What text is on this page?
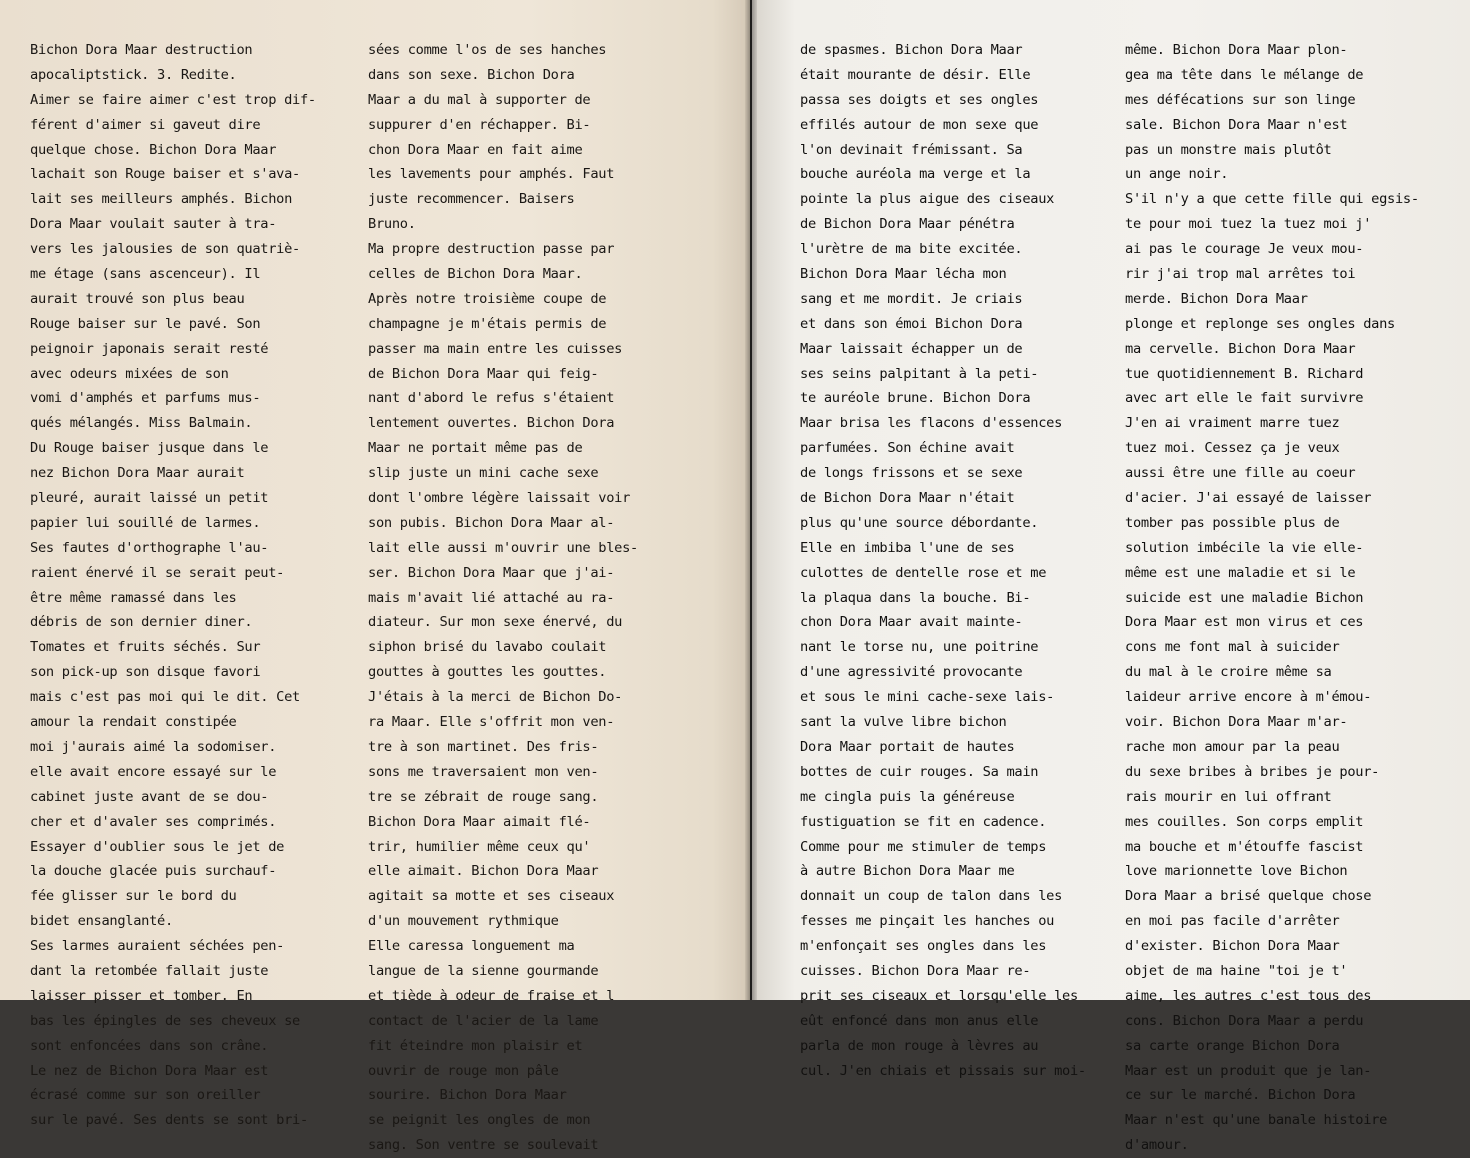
Bichon Dora Maar destruction
apocaliptstick. 3. Redite.
Aimer se faire aimer c'est trop dif-
férent d'aimer si gaveut dire
quelque chose. Bichon Dora Maar
lachait son Rouge baiser et s'ava-
lait ses meilleurs amphés. Bichon
Dora Maar voulait sauter à tra-
vers les jalousies de son quatriè-
me étage (sans ascenceur). Il
aurait trouvé son plus beau
Rouge baiser sur le pavé. Son
peignoir japonais serait resté
avec odeurs mixées de son
vomi d'amphés et parfums mus-
qués mélangés. Miss Balmain.
Du Rouge baiser jusque dans le
nez Bichon Dora Maar aurait
pleuré, aurait laissé un petit
papier lui souillé de larmes.
Ses fautes d'orthographe l'au-
raient énervé il se serait peut-
être même ramassé dans les
débris de son dernier diner.
Tomates et fruits séchés. Sur
son pick-up son disque favori
mais c'est pas moi qui le dit. Cet
amour la rendait constipée
moi j'aurais aimé la sodomiser.
elle avait encore essayé sur le
cabinet juste avant de se dou-
cher et d'avaler ses comprimés.
Essayer d'oublier sous le jet de
la douche glacée puis surchauf-
fée glisser sur le bord du
bidet ensanglanté.
Ses larmes auraient séchées pen-
dant la retombée fallait juste
laisser pisser et tomber. En
bas les épingles de ses cheveux se
sont enfoncées dans son crâne.
Le nez de Bichon Dora Maar est
écrasé comme sur son oreiller
sur le pavé. Ses dents se sont bri-
sées comme l'os de ses hanches
dans son sexe. Bichon Dora
Maar a du mal à supporter de
suppurer d'en réchapper. Bi-
chon Dora Maar en fait aime
les lavements pour amphés. Faut
juste recommencer. Baisers
Bruno.
Ma propre destruction passe par
celles de Bichon Dora Maar.
Après notre troisième coupe de
champagne je m'étais permis de
passer ma main entre les cuisses
de Bichon Dora Maar qui feig-
nant d'abord le refus s'étaient
lentement ouvertes. Bichon Dora
Maar ne portait même pas de
slip juste un mini cache sexe
dont l'ombre légère laissait voir
son pubis. Bichon Dora Maar al-
lait elle aussi m'ouvrir une bles-
ser. Bichon Dora Maar que j'ai-
mais m'avait lié attaché au ra-
diateur. Sur mon sexe énervé, du
siphon brisé du lavabo coulait
gouttes à gouttes les gouttes.
J'étais à la merci de Bichon Do-
ra Maar. Elle s'offrit mon ven-
tre à son martinet. Des fris-
sons me traversaient mon ven-
tre se zébrait de rouge sang.
Bichon Dora Maar aimait flé-
trir, humilier même ceux qu'
elle aimait. Bichon Dora Maar
agitait sa motte et ses ciseaux
d'un mouvement rythmique
Elle caressa longuement ma
langue de la sienne gourmande
et tiède à odeur de fraise et l
contact de l'acier de la lame
fit éteindre mon plaisir et
ouvrir de rouge mon pâle
sourire. Bichon Dora Maar
se peignit les ongles de mon
sang. Son ventre se soulevait
de spasmes. Bichon Dora Maar
était mourante de désir. Elle
passa ses doigts et ses ongles
effilés autour de mon sexe que
l'on devinait frémissant. Sa
bouche auréola ma verge et la
pointe la plus aigue des ciseaux
de Bichon Dora Maar pénétra
l'urètre de ma bite excitée.
Bichon Dora Maar lécha mon
sang et me mordit. Je criais
et dans son émoi Bichon Dora
Maar laissait échapper un de
ses seins palpitant à la peti-
te auréole brune. Bichon Dora
Maar brisa les flacons d'essences
parfumées. Son échine avait
de longs frissons et se sexe
de Bichon Dora Maar n'était
plus qu'une source débordante.
Elle en imbiba l'une de ses
culottes de dentelle rose et me
la plaqua dans la bouche. Bi-
chon Dora Maar avait mainte-
nant le torse nu, une poitrine
d'une agressivité provocante
et sous le mini cache-sexe lais-
sant la vulve libre bichon
Dora Maar portait de hautes
bottes de cuir rouges. Sa main
me cingla puis la généreuse
fustiguation se fit en cadence.
Comme pour me stimuler de temps
à autre Bichon Dora Maar me
donnait un coup de talon dans les
fesses me pinçait les hanches ou
m'enfonçait ses ongles dans les
cuisses. Bichon Dora Maar re-
prit ses ciseaux et lorsqu'elle les
eût enfoncé dans mon anus elle
parla de mon rouge à lèvres au
cul. J'en chiais et pissais sur moi-
même. Bichon Dora Maar plon-
gea ma tête dans le mélange de
mes défécations sur son linge
sale. Bichon Dora Maar n'est
pas un monstre mais plutôt
un ange noir.
S'il n'y a que cette fille qui egsis-
te pour moi tuez la tuez moi j'
ai pas le courage Je veux mou-
rir j'ai trop mal arrêtes toi
merde. Bichon Dora Maar
plonge et replonge ses ongles dans
ma cervelle. Bichon Dora Maar
tue quotidiennement B. Richard
avec art elle le fait survivre
J'en ai vraiment marre tuez
tuez moi. Cessez ça je veux
aussi être une fille au coeur
d'acier. J'ai essayé de laisser
tomber pas possible plus de
solution imbécile la vie elle-
même est une maladie et si le
suicide est une maladie Bichon
Dora Maar est mon virus et ces
cons me font mal à suicider
du mal à le croire même sa
laideur arrive encore à m'émou-
voir. Bichon Dora Maar m'ar-
rache mon amour par la peau
du sexe bribes à bribes je pour-
rais mourir en lui offrant
mes couilles. Son corps emplit
ma bouche et m'étouffe fascist
love marionnette love Bichon
Dora Maar a brisé quelque chose
en moi pas facile d'arrêter
d'exister. Bichon Dora Maar
objet de ma haine "toi je t'
aime, les autres c'est tous des
cons. Bichon Dora Maar a perdu
sa carte orange Bichon Dora
Maar est un produit que je lan-
ce sur le marché. Bichon Dora
Maar n'est qu'une banale histoire
d'amour.
